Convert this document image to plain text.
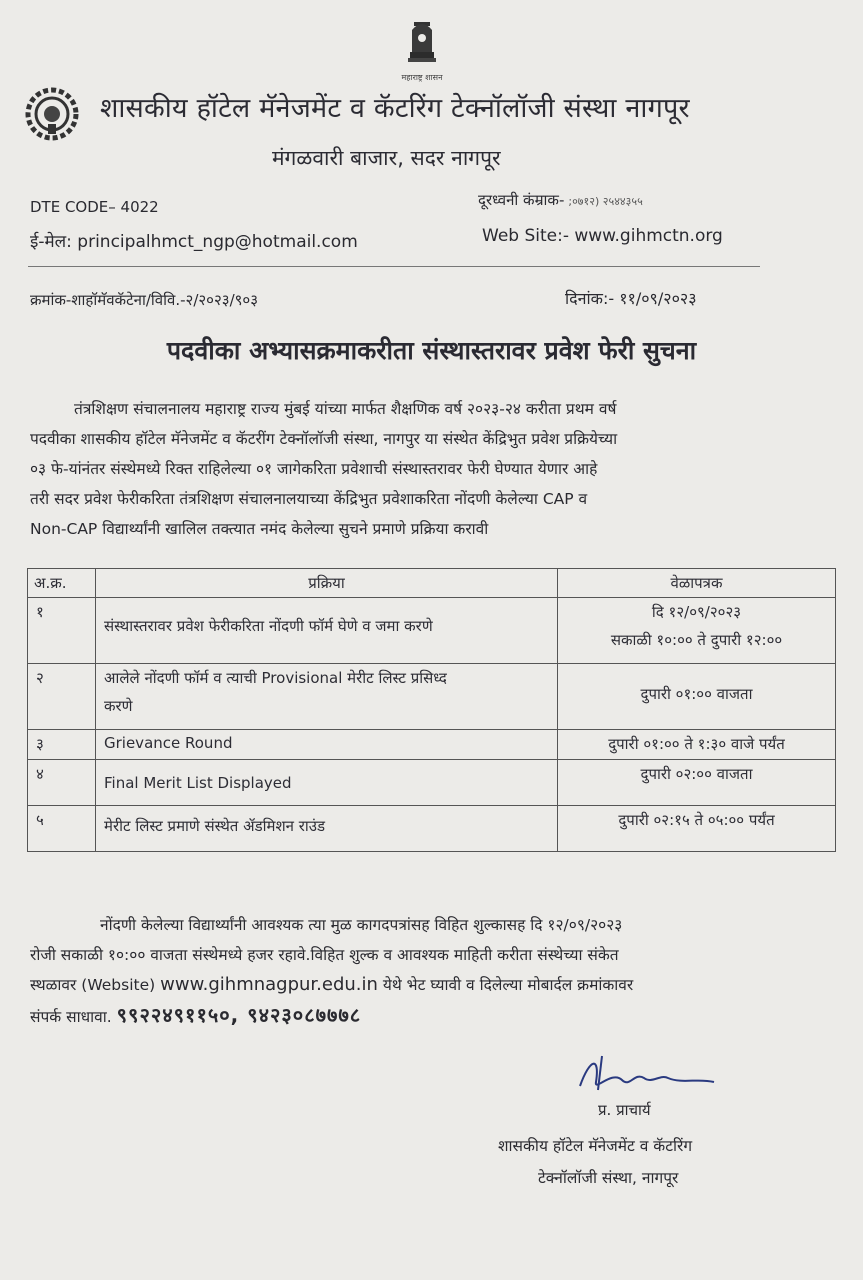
महाराष्ट्र शासन
शासकीय हॉटेल मॅनेजमेंट व कॅटरिंग टेक्नॉलॉजी संस्था नागपूर
मंगळवारी बाजार, सदर नागपूर
DTE CODE– 4022	दूरध्वनी कंम्राक- ;०७१२) २५४४३५५
ई-मेल: principalhmct_ngp@hotmail.com	Web Site:- www.gihmctn.org
क्रमांक-शाहॉमॅवकॅटेना/विवि.-२/२०२३/९०३	दिनांक:- ११/०९/२०२३
पदवीका अभ्यासक्रमाकरीता संस्थास्तरावर प्रवेश फेरी सुचना
तंत्रशिक्षण संचालनालय महाराष्ट्र राज्य मुंबई यांच्या मार्फत शैक्षणिक वर्ष २०२३-२४ करीता प्रथम वर्ष
पदवीका शासकीय हॉटेल मॅनेजमेंट व कॅटरींग टेक्नॉलॉजी संस्था, नागपुर या संस्थेत केंद्रिभुत प्रवेश प्रक्रियेच्या
०३ फे-यांनंतर संस्थेमध्ये रिक्त राहिलेल्या ०१ जागेकरिता प्रवेशाची संस्थास्तरावर फेरी घेण्यात येणार आहे
तरी सदर प्रवेश फेरीकरिता तंत्रशिक्षण संचालनालयाच्या केंद्रिभुत प्रवेशाकरिता नोंदणी केलेल्या CAP व
Non-CAP विद्यार्थ्यांनी खालिल तक्त्यात नमंद केलेल्या सुचने प्रमाणे प्रक्रिया करावी
अ.क्र.	प्रक्रिया	वेळापत्रक
१	संस्थास्तरावर प्रवेश फेरीकरिता नोंदणी फॉर्म घेणे व जमा करणे	दि १२/०९/२०२३
सकाळी १०:०० ते दुपारी १२:००

२	आलेले नोंदणी फॉर्म व त्याची Provisional मेरीट लिस्ट प्रसिध्द
करणे	दुपारी ०१:०० वाजता

३	Grievance Round	दुपारी ०१:०० ते १:३० वाजे पर्यंत
४	Final Merit List Displayed	दुपारी ०२:०० वाजता
५	मेरीट लिस्ट प्रमाणे संस्थेत ॲडमिशन राउंड	दुपारी ०२:१५ ते ०५:०० पर्यंत
नोंदणी केलेल्या विद्यार्थ्यांनी आवश्यक त्या मुळ कागदपत्रांसह विहित शुल्कासह दि १२/०९/२०२३
रोजी सकाळी १०:०० वाजता संस्थेमध्ये हजर रहावे.विहित शुल्क व आवश्यक माहिती करीता संस्थेच्या संकेत
स्थळावर (Website) www.gihmnagpur.edu.in येथे भेट घ्यावी व दिलेल्या मोबार्दल क्रमांकावर
संपर्क साधावा. ९९२२४९११५०, ९४२३०८७७७८
प्र. प्राचार्य
शासकीय हॉटेल मॅनेजमेंट व कॅटरिंग
टेक्नॉलॉजी संस्था, नागपूर
